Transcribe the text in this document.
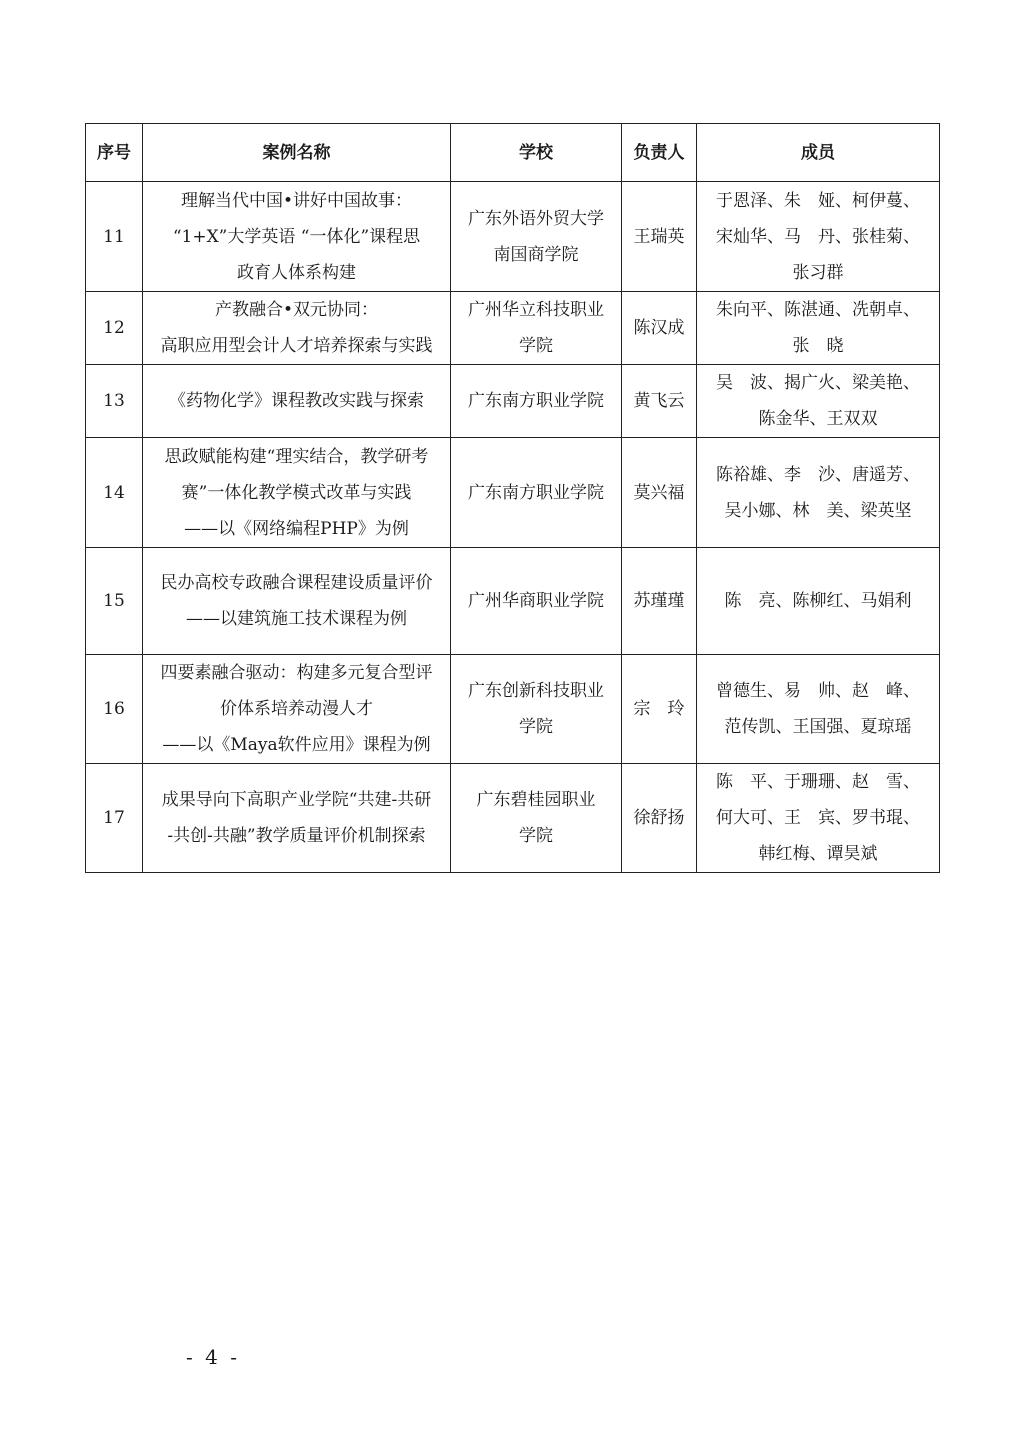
序号	案例名称	学校	负责人	成员
11	理解当代中国•讲好中国故事：
“1+X”大学英语 “一体化”课程思
政育人体系构建	广东外语外贸大学
南国商学院	王瑞英	于恩泽、朱　娅、柯伊蔓、
宋灿华、马　丹、张桂菊、
张习群

12	产教融合•双元协同：
高职应用型会计人才培养探索与实践	广州华立科技职业
学院	陈汉成	朱向平、陈湛通、冼朝卓、
张　晓

13	《药物化学》课程教改实践与探索	广东南方职业学院	黄飞云	吴　波、揭广火、梁美艳、
陈金华、王双双

14	思政赋能构建“理实结合，教学研考
赛”一体化教学模式改革与实践
——以《网络编程PHP》为例	广东南方职业学院	莫兴福	陈裕雄、李　沙、唐遥芳、
吴小娜、林　美、梁英坚

15	民办高校专政融合课程建设质量评价
——以建筑施工技术课程为例	广州华商职业学院	苏瑾瑾	陈　亮、陈柳红、马娟利

16	四要素融合驱动：构建多元复合型评
价体系培养动漫人才
——以《Maya软件应用》课程为例	广东创新科技职业
学院	宗　玲	曾德生、易　帅、赵　峰、
范传凯、王国强、夏琼瑶

17	成果导向下高职产业学院“共建-共研
-共创-共融”教学质量评价机制探索	广东碧桂园职业
学院	徐舒扬	陈　平、于珊珊、赵　雪、
何大可、王　宾、罗书琨、
韩红梅、谭昊斌
- 4 -
